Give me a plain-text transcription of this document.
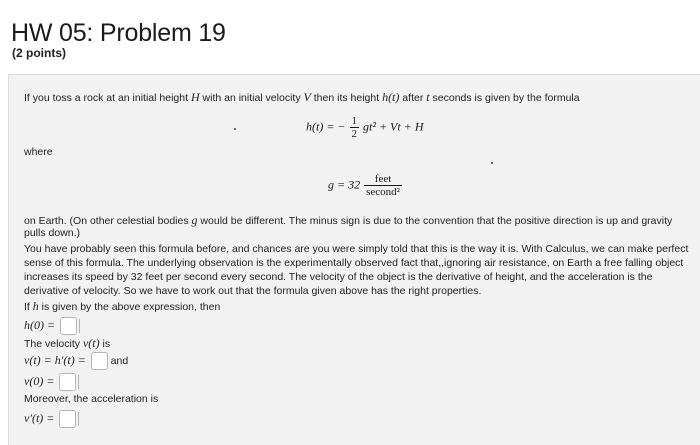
HW 05: Problem 19
(2 points)
If you toss a rock at an initial height H with an initial velocity V then its height h(t) after t seconds is given by the formula
h(t) = − $\frac{1}{2} gt^2 + Vt + H$
where
$g = 32 \frac{\text{feet}}{\text{second²}}$
on Earth. (On other celestial bodies g would be different. The minus sign is due to the convention that the positive direction is up and gravity
pulls down.)
You have probably seen this formula before, and chances are you were simply told that this is the way it is. With Calculus, we can make perfect
sense of this formula. The underlying observation is the experimentally observed fact that,,ignoring air resistance, on Earth a free falling object
increases its speed by 32 feet per second every second. The velocity of the object is the derivative of height, and the acceleration is the
derivative of velocity. So we have to work out that the formula given above has the right properties.
If h is given by the above expression, then
h(0) =
The velocity v(t) is
v(t) = h′(t) = and
v(0) =
Moreover, the acceleration is
v′(t) =
